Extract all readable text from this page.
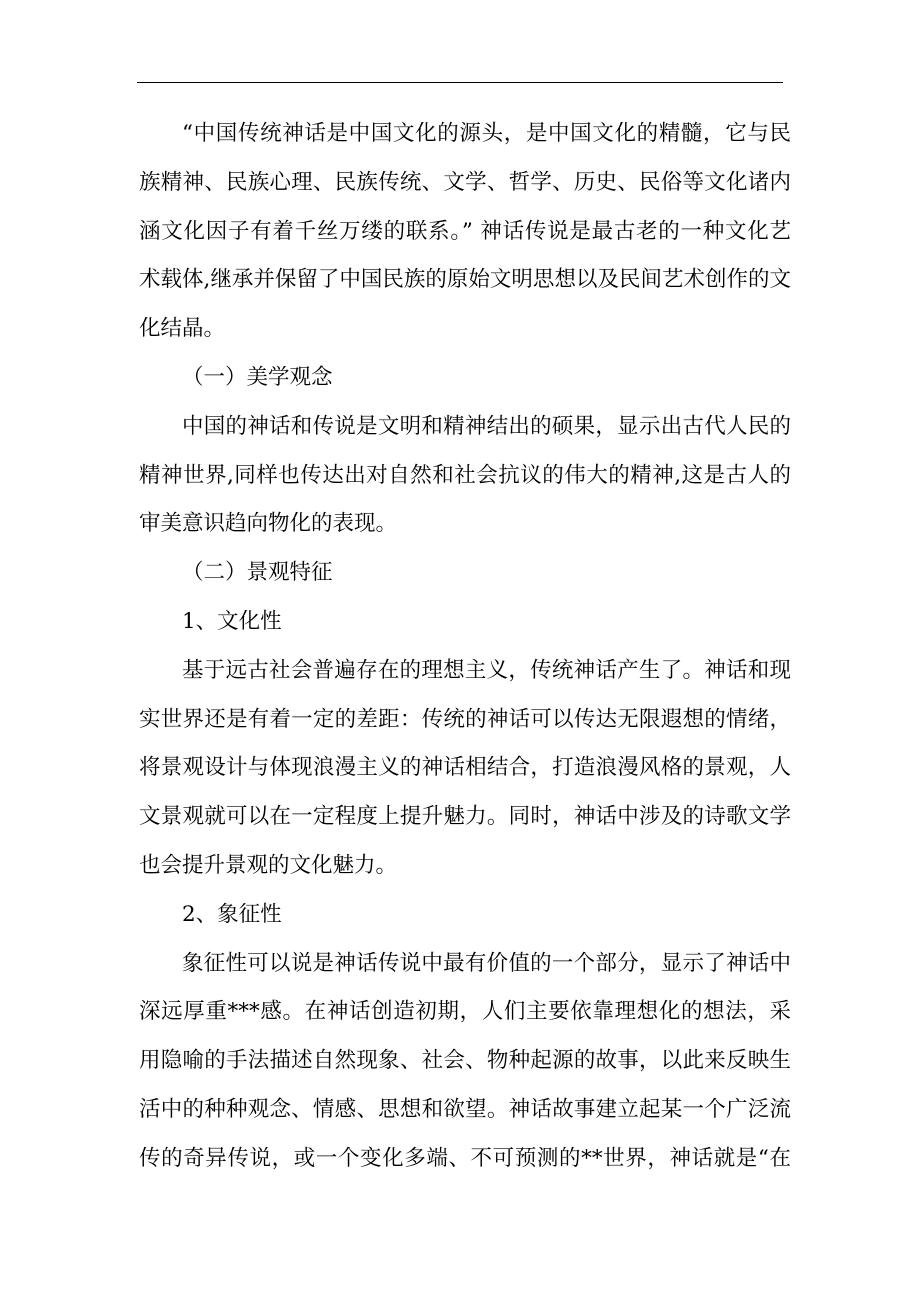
“中国传统神话是中国文化的源头，是中国文化的精髓，它与民族精神、民族心理、民族传统、文学、哲学、历史、民俗等文化诸内涵文化因子有着千丝万缕的联系。” 神话传说是最古老的一种文化艺术载体,继承并保留了中国民族的原始文明思想以及民间艺术创作的文化结晶。

（一）美学观念

中国的神话和传说是文明和精神结出的硕果，显示出古代人民的精神世界,同样也传达出对自然和社会抗议的伟大的精神,这是古人的审美意识趋向物化的表现。

（二）景观特征

1、文化性

基于远古社会普遍存在的理想主义，传统神话产生了。神话和现实世界还是有着一定的差距：传统的神话可以传达无限遐想的情绪，将景观设计与体现浪漫主义的神话相结合，打造浪漫风格的景观，人文景观就可以在一定程度上提升魅力。同时，神话中涉及的诗歌文学也会提升景观的文化魅力。

2、象征性

象征性可以说是神话传说中最有价值的一个部分，显示了神话中深远厚重***感。在神话创造初期，人们主要依靠理想化的想法，采用隐喻的手法描述自然现象、社会、物种起源的故事，以此来反映生活中的种种观念、情感、思想和欲望。神话故事建立起某一个广泛流传的奇异传说，或一个变化多端、不可预测的**世界，神话就是“在
